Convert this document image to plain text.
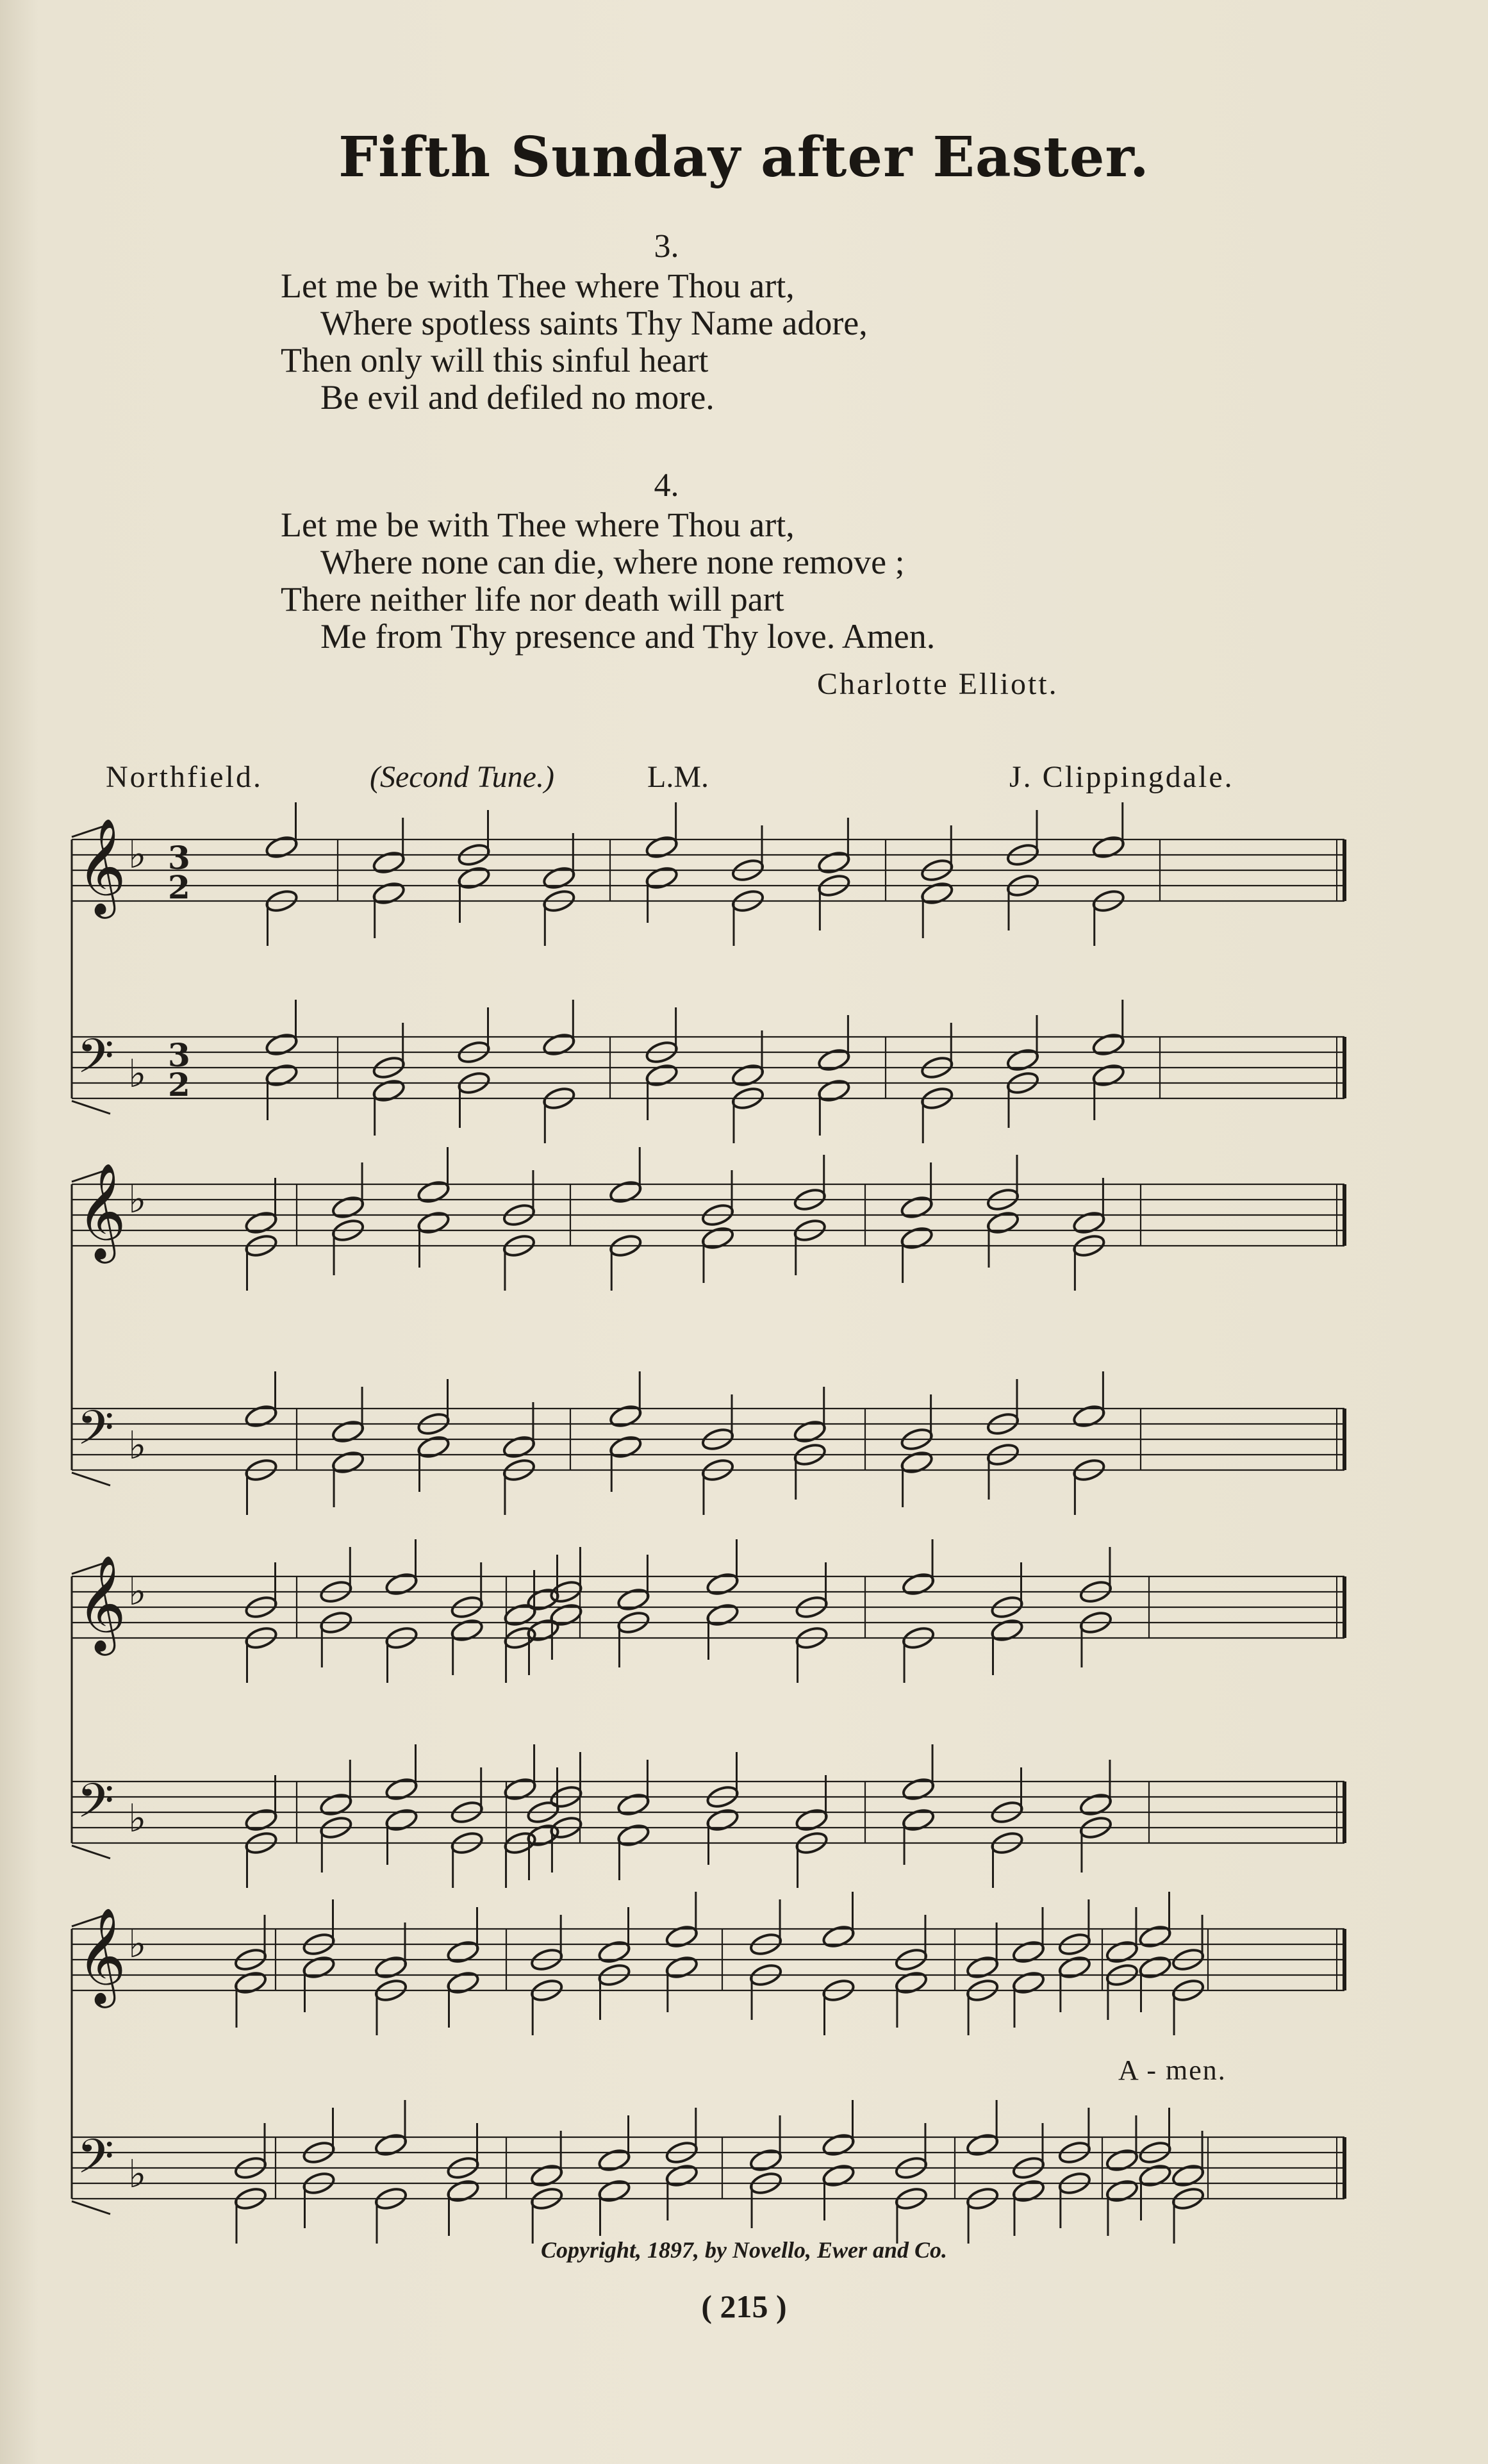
Fifth Sunday after Easter.
3.
Let me be with Thee where Thou art,
Where spotless saints Thy Name adore,
Then only will this sinful heart
Be evil and defiled no more.
4.
Let me be with Thee where Thou art,
Where none can die, where none remove ;
There neither life nor death will part
Me from Thy presence and Thy love. Amen.
Charlotte Elliott.
Northfield.	(Second Tune.)	L.M.	J. Clippingdale.
𝄞 ♭ 3
2
𝄢 ♭ 3
2
𝄞 ♭
𝄢 ♭
𝄞 ♭
𝄢 ♭
𝄞 ♭
𝄢 ♭
A - men.
Copyright, 1897, by Novello, Ewer and Co.
( 215 )
